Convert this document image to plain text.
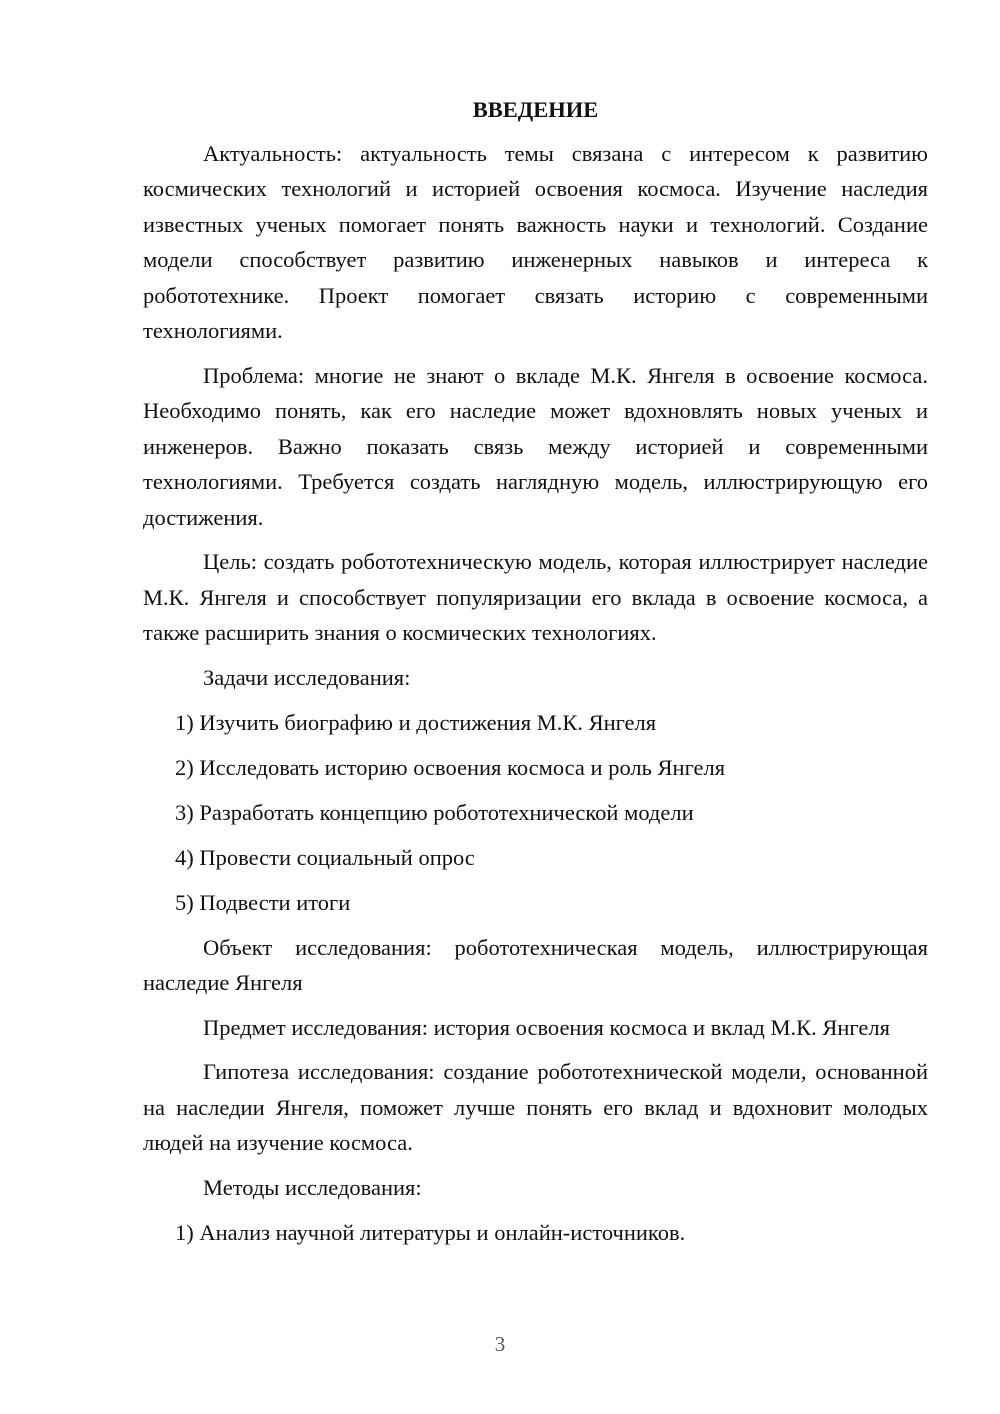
ВВЕДЕНИЕ

Актуальность: актуальность темы связана с интересом к развитию космических технологий и историей освоения космоса. Изучение наследия известных ученых помогает понять важность науки и технологий. Создание модели способствует развитию инженерных навыков и интереса к робототехнике. Проект помогает связать историю с современными технологиями.

Проблема: многие не знают о вкладе М.К. Янгеля в освоение космоса. Необходимо понять, как его наследие может вдохновлять новых ученых и инженеров. Важно показать связь между историей и современными технологиями. Требуется создать наглядную модель, иллюстрирующую его достижения.

Цель: создать робототехническую модель, которая иллюстрирует наследие М.К. Янгеля и способствует популяризации его вклада в освоение космоса, а также расширить знания о космических технологиях.

Задачи исследования:

1) Изучить биографию и достижения М.К. Янгеля

2) Исследовать историю освоения космоса и роль Янгеля

3) Разработать концепцию робототехнической модели

4) Провести социальный опрос

5) Подвести итоги

Объект исследования: робототехническая модель, иллюстрирующая наследие Янгеля

Предмет исследования: история освоения космоса и вклад М.К. Янгеля

Гипотеза исследования: создание робототехнической модели, основанной на наследии Янгеля, поможет лучше понять его вклад и вдохновит молодых людей на изучение космоса.

Методы исследования:

1) Анализ научной литературы и онлайн-источников.

3
